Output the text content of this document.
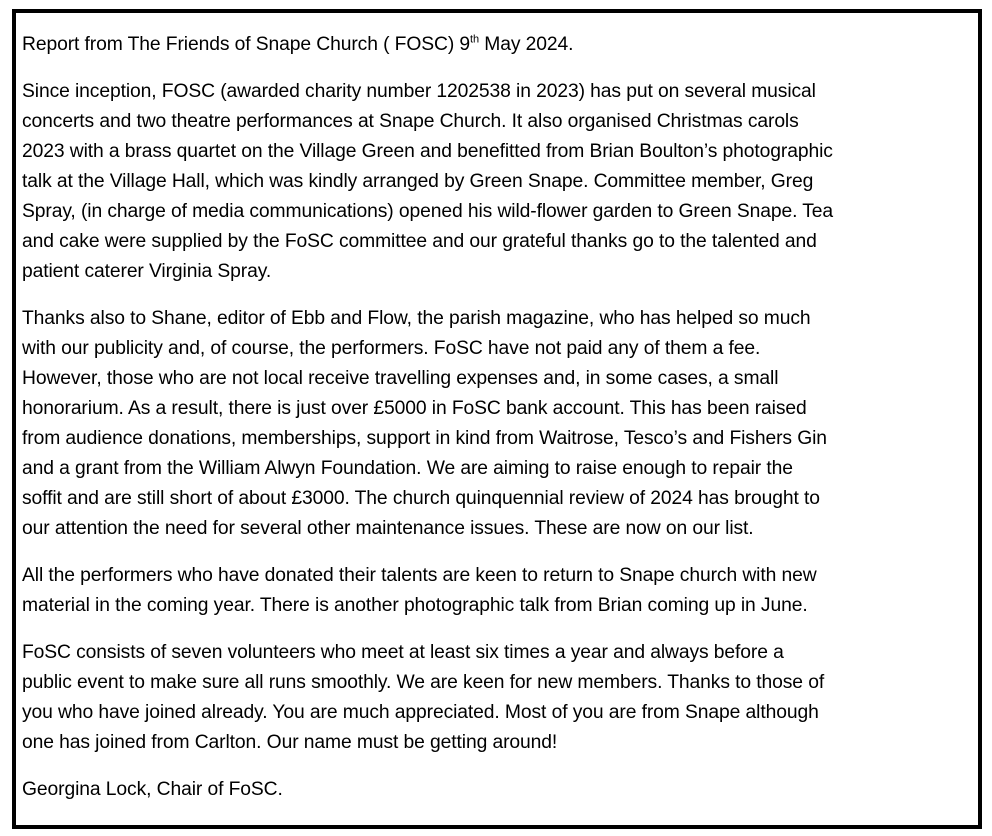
Report from The Friends of Snape Church ( FOSC) 9th May 2024.

Since inception, FOSC (awarded charity number 1202538 in 2023) has put on several musical
concerts and two theatre performances at Snape Church. It also organised Christmas carols
2023 with a brass quartet on the Village Green and benefitted from Brian Boulton’s photographic
talk at the Village Hall, which was kindly arranged by Green Snape. Committee member, Greg
Spray, (in charge of media communications) opened his wild-flower garden to Green Snape. Tea
and cake were supplied by the FoSC committee and our grateful thanks go to the talented and
patient caterer Virginia Spray.

Thanks also to Shane, editor of Ebb and Flow, the parish magazine, who has helped so much
with our publicity and, of course, the performers. FoSC have not paid any of them a fee.
However, those who are not local receive travelling expenses and, in some cases, a small
honorarium. As a result, there is just over £5000 in FoSC bank account. This has been raised
from audience donations, memberships, support in kind from Waitrose, Tesco’s and Fishers Gin
and a grant from the William Alwyn Foundation. We are aiming to raise enough to repair the
soffit and are still short of about £3000. The church quinquennial review of 2024 has brought to
our attention the need for several other maintenance issues. These are now on our list.

All the performers who have donated their talents are keen to return to Snape church with new
material in the coming year. There is another photographic talk from Brian coming up in June.

FoSC consists of seven volunteers who meet at least six times a year and always before a
public event to make sure all runs smoothly. We are keen for new members. Thanks to those of
you who have joined already. You are much appreciated. Most of you are from Snape although
one has joined from Carlton. Our name must be getting around!

Georgina Lock, Chair of FoSC.
